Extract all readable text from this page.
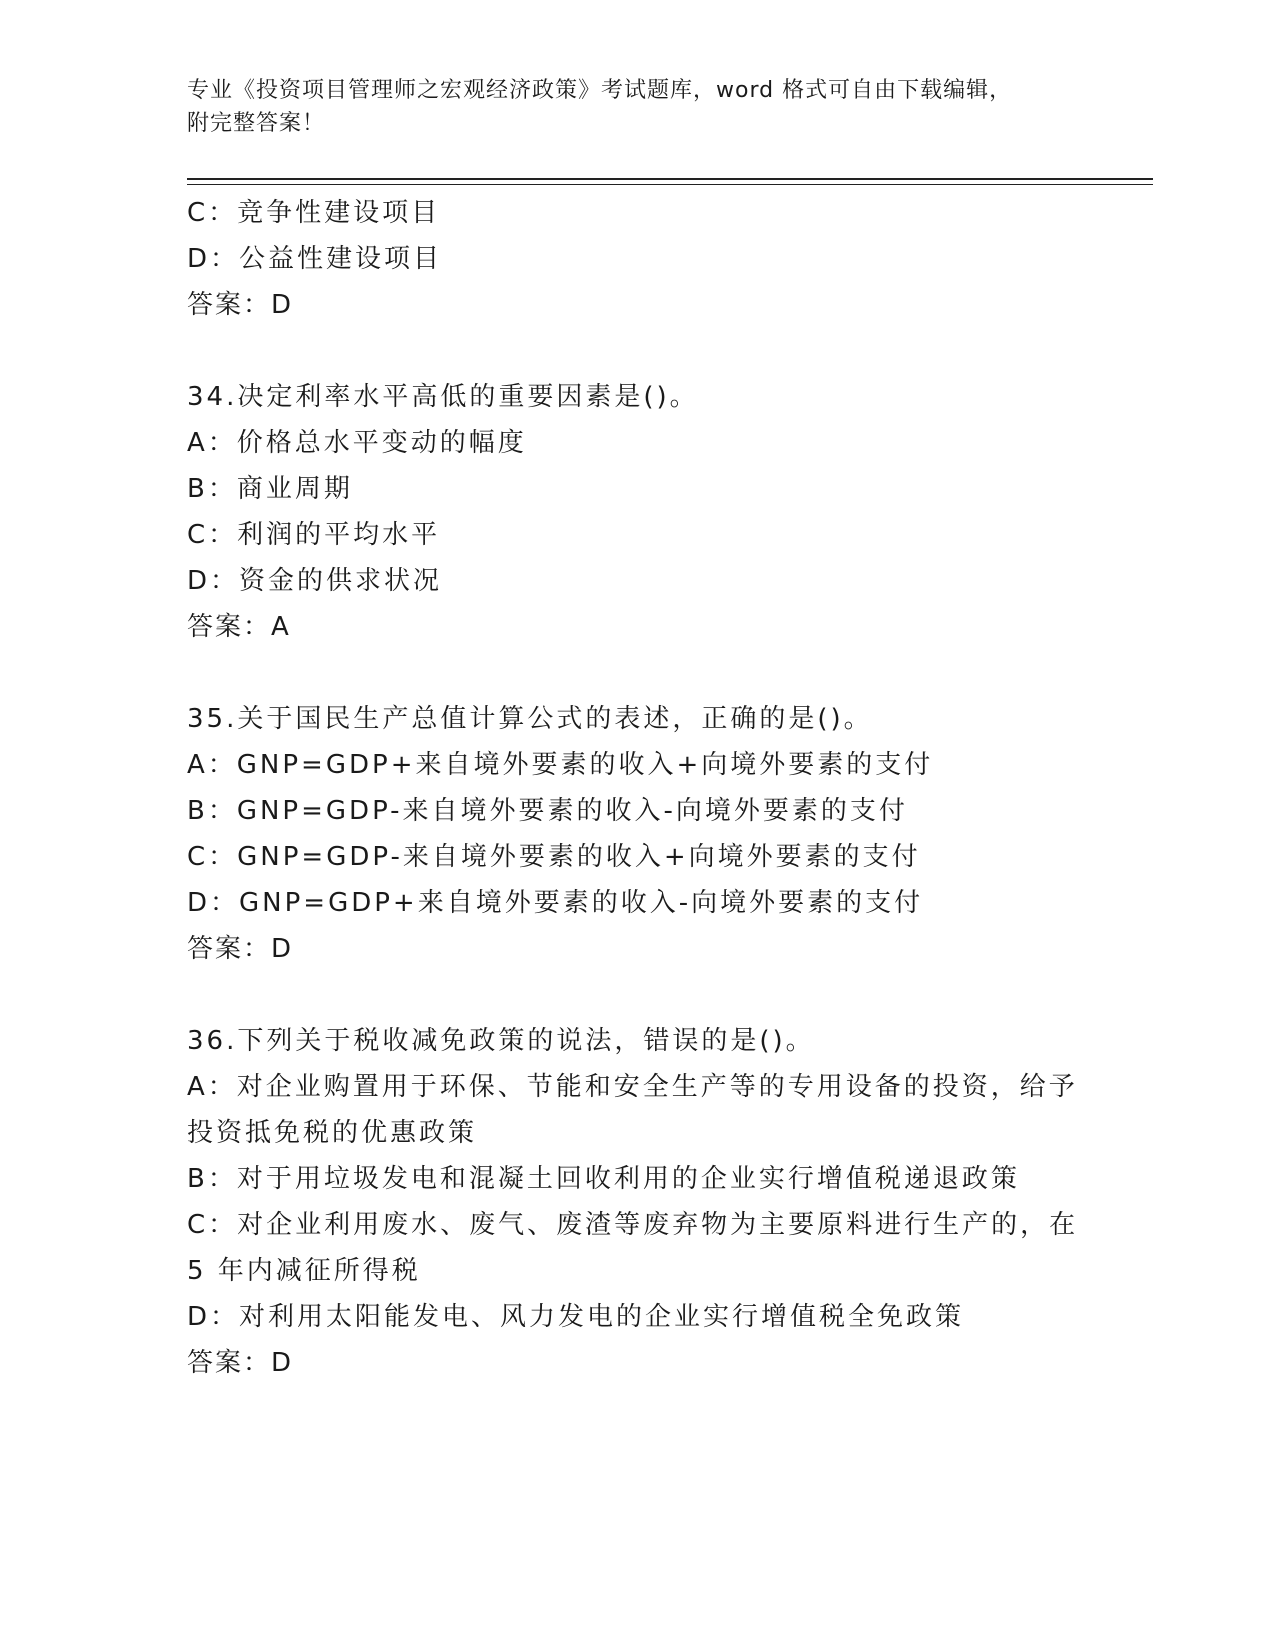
专业《投资项目管理师之宏观经济政策》考试题库，word 格式可自由下载编辑，
附完整答案！
C：竞争性建设项目
D：公益性建设项目
答案：D
34.决定利率水平高低的重要因素是()。
A：价格总水平变动的幅度
B：商业周期
C：利润的平均水平
D：资金的供求状况
答案：A
35.关于国民生产总值计算公式的表述，正确的是()。
A：GNP=GDP+来自境外要素的收入+向境外要素的支付
B：GNP=GDP-来自境外要素的收入-向境外要素的支付
C：GNP=GDP-来自境外要素的收入+向境外要素的支付
D：GNP=GDP+来自境外要素的收入-向境外要素的支付
答案：D
36.下列关于税收减免政策的说法，错误的是()。
A：对企业购置用于环保、节能和安全生产等的专用设备的投资，给予
投资抵免税的优惠政策
B：对于用垃圾发电和混凝土回收利用的企业实行增值税递退政策
C：对企业利用废水、废气、废渣等废弃物为主要原料进行生产的，在
5 年内减征所得税
D：对利用太阳能发电、风力发电的企业实行增值税全免政策
答案：D
